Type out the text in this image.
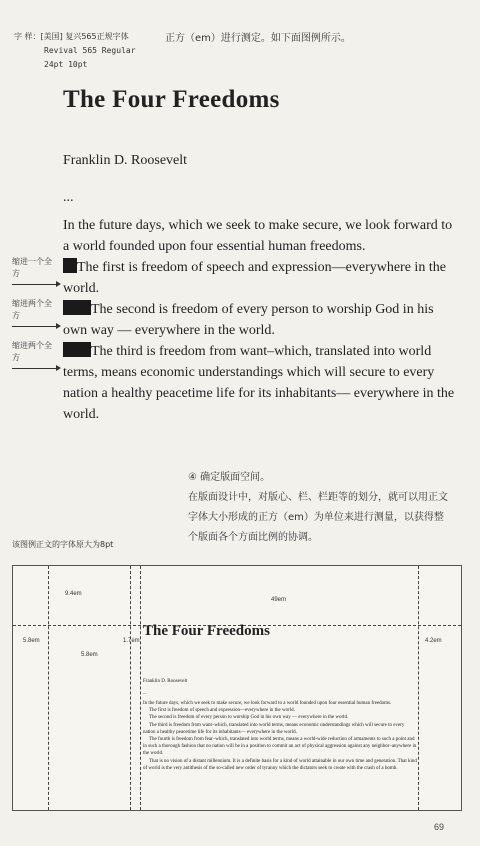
字 样：[美国] 复兴565正规字体
Revival 565 Regular
24pt 10pt
正方（em）进行测定。如下面图例所示。
The Four Freedoms
Franklin D. Roosevelt
...

In the future days, which we seek to make secure, we look forward to a world founded upon four essential human freedoms.

The first is freedom of speech and expression—everywhere in the world.

The second is freedom of every person to worship God in his own way — everywhere in the world.

The third is freedom from want–which, translated into world terms, means economic understandings which will secure to every nation a healthy peacetime life for its inhabitants— everywhere in the world.

缩进一个全方
缩进两个全方
缩进两个全方
④ 确定版面空间。
在版面设计中，对版心、栏、栏距等的划分，就可以用正文字体大小形成的正方（em）为单位来进行测量，以获得整个版面各个方面比例的协调。
该图例正文的字体原大为8pt
9.4em
49em
5.8em	1.7em
5.8em
4.2em
The Four Freedoms
Franklin D. Roosevelt
...

In the future days, which we seek to make secure, we look forward to a world founded upon four essential human freedoms.

The first is freedom of speech and expression—everywhere in the world.

The second is freedom of every person to worship God in his own way — everywhere in the world.

The third is freedom from want–which, translated into world terms, means economic understandings which will secure to every nation a healthy peacetime life for its inhabitants— everywhere in the world.

The fourth is freedom from fear–which, translated into world terms, means a world-wide reduction of armaments to such a point and in such a thorough fashion that no nation will be in a position to commit an act of physical aggression against any neighbor–anywhere in the world.

That is no vision of a distant millennium. It is a definite basis for a kind of world attainable in our own time and generation. That kind of world is the very antithesis of the so-called new order of tyranny which the dictators seek to create with the crash of a bomb.

69
